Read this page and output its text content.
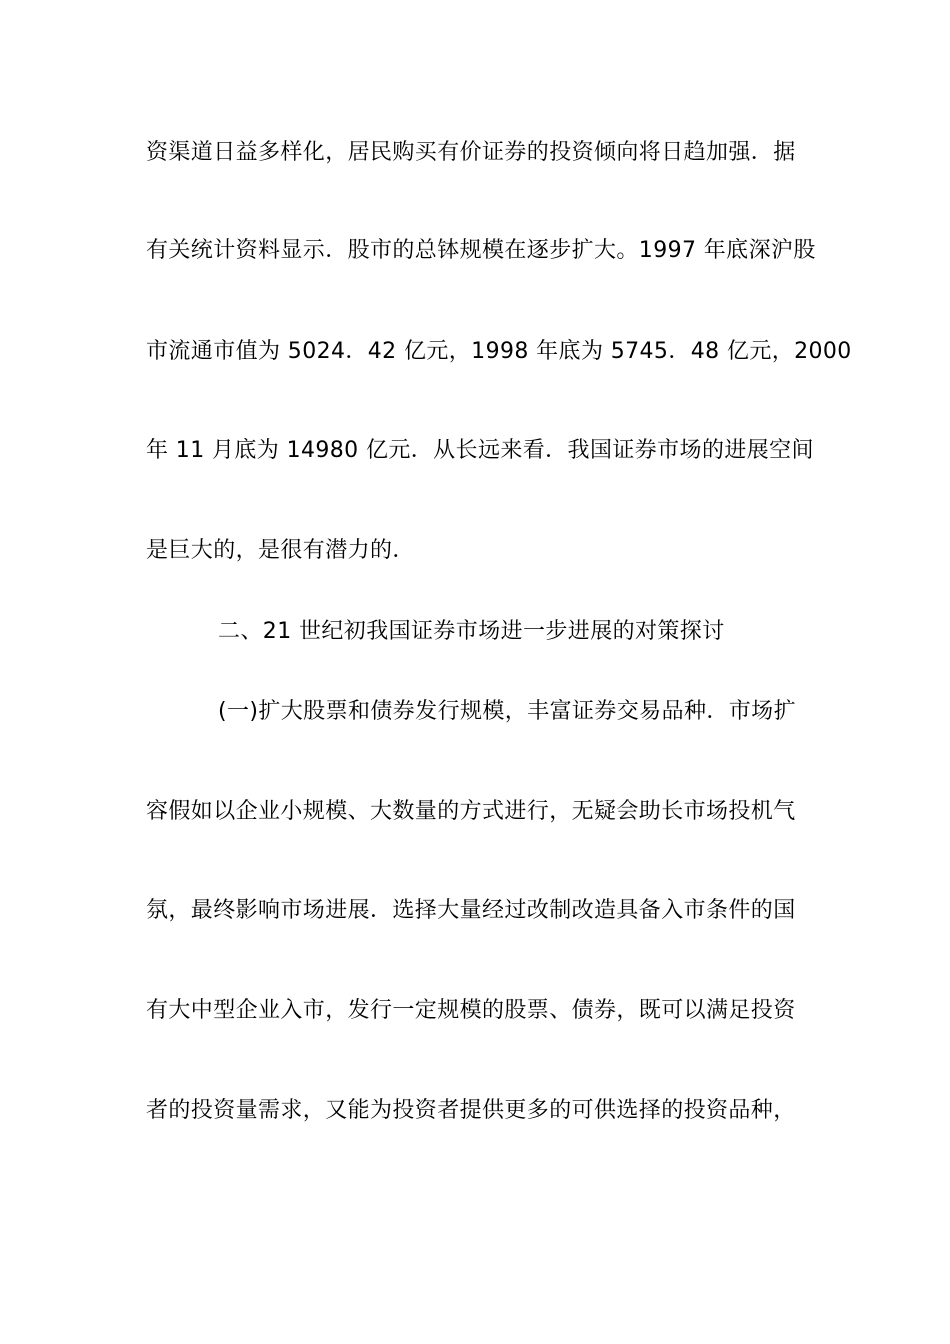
资渠道日益多样化，居民购买有价证券的投资倾向将日趋加强．据
有关统计资料显示．股市的总钵规模在逐步扩大。1997 年底深沪股
市流通市值为 5024．42 亿元，1998 年底为 5745．48 亿元，2000
年 11 月底为 14980 亿元．从长远来看．我国证券市场的进展空间
是巨大的，是很有潜力的．
二、21 世纪初我国证券市场进一步进展的对策探讨
(一)扩大股票和债券发行规模，丰富证券交易品种．市场扩
容假如以企业小规模、大数量的方式进行，无疑会助长市场投机气
氛，最终影响市场进展．选择大量经过改制改造具备入市条件的国
有大中型企业入市，发行一定规模的股票、债券，既可以满足投资
者的投资量需求，又能为投资者提供更多的可供选择的投资品种，
